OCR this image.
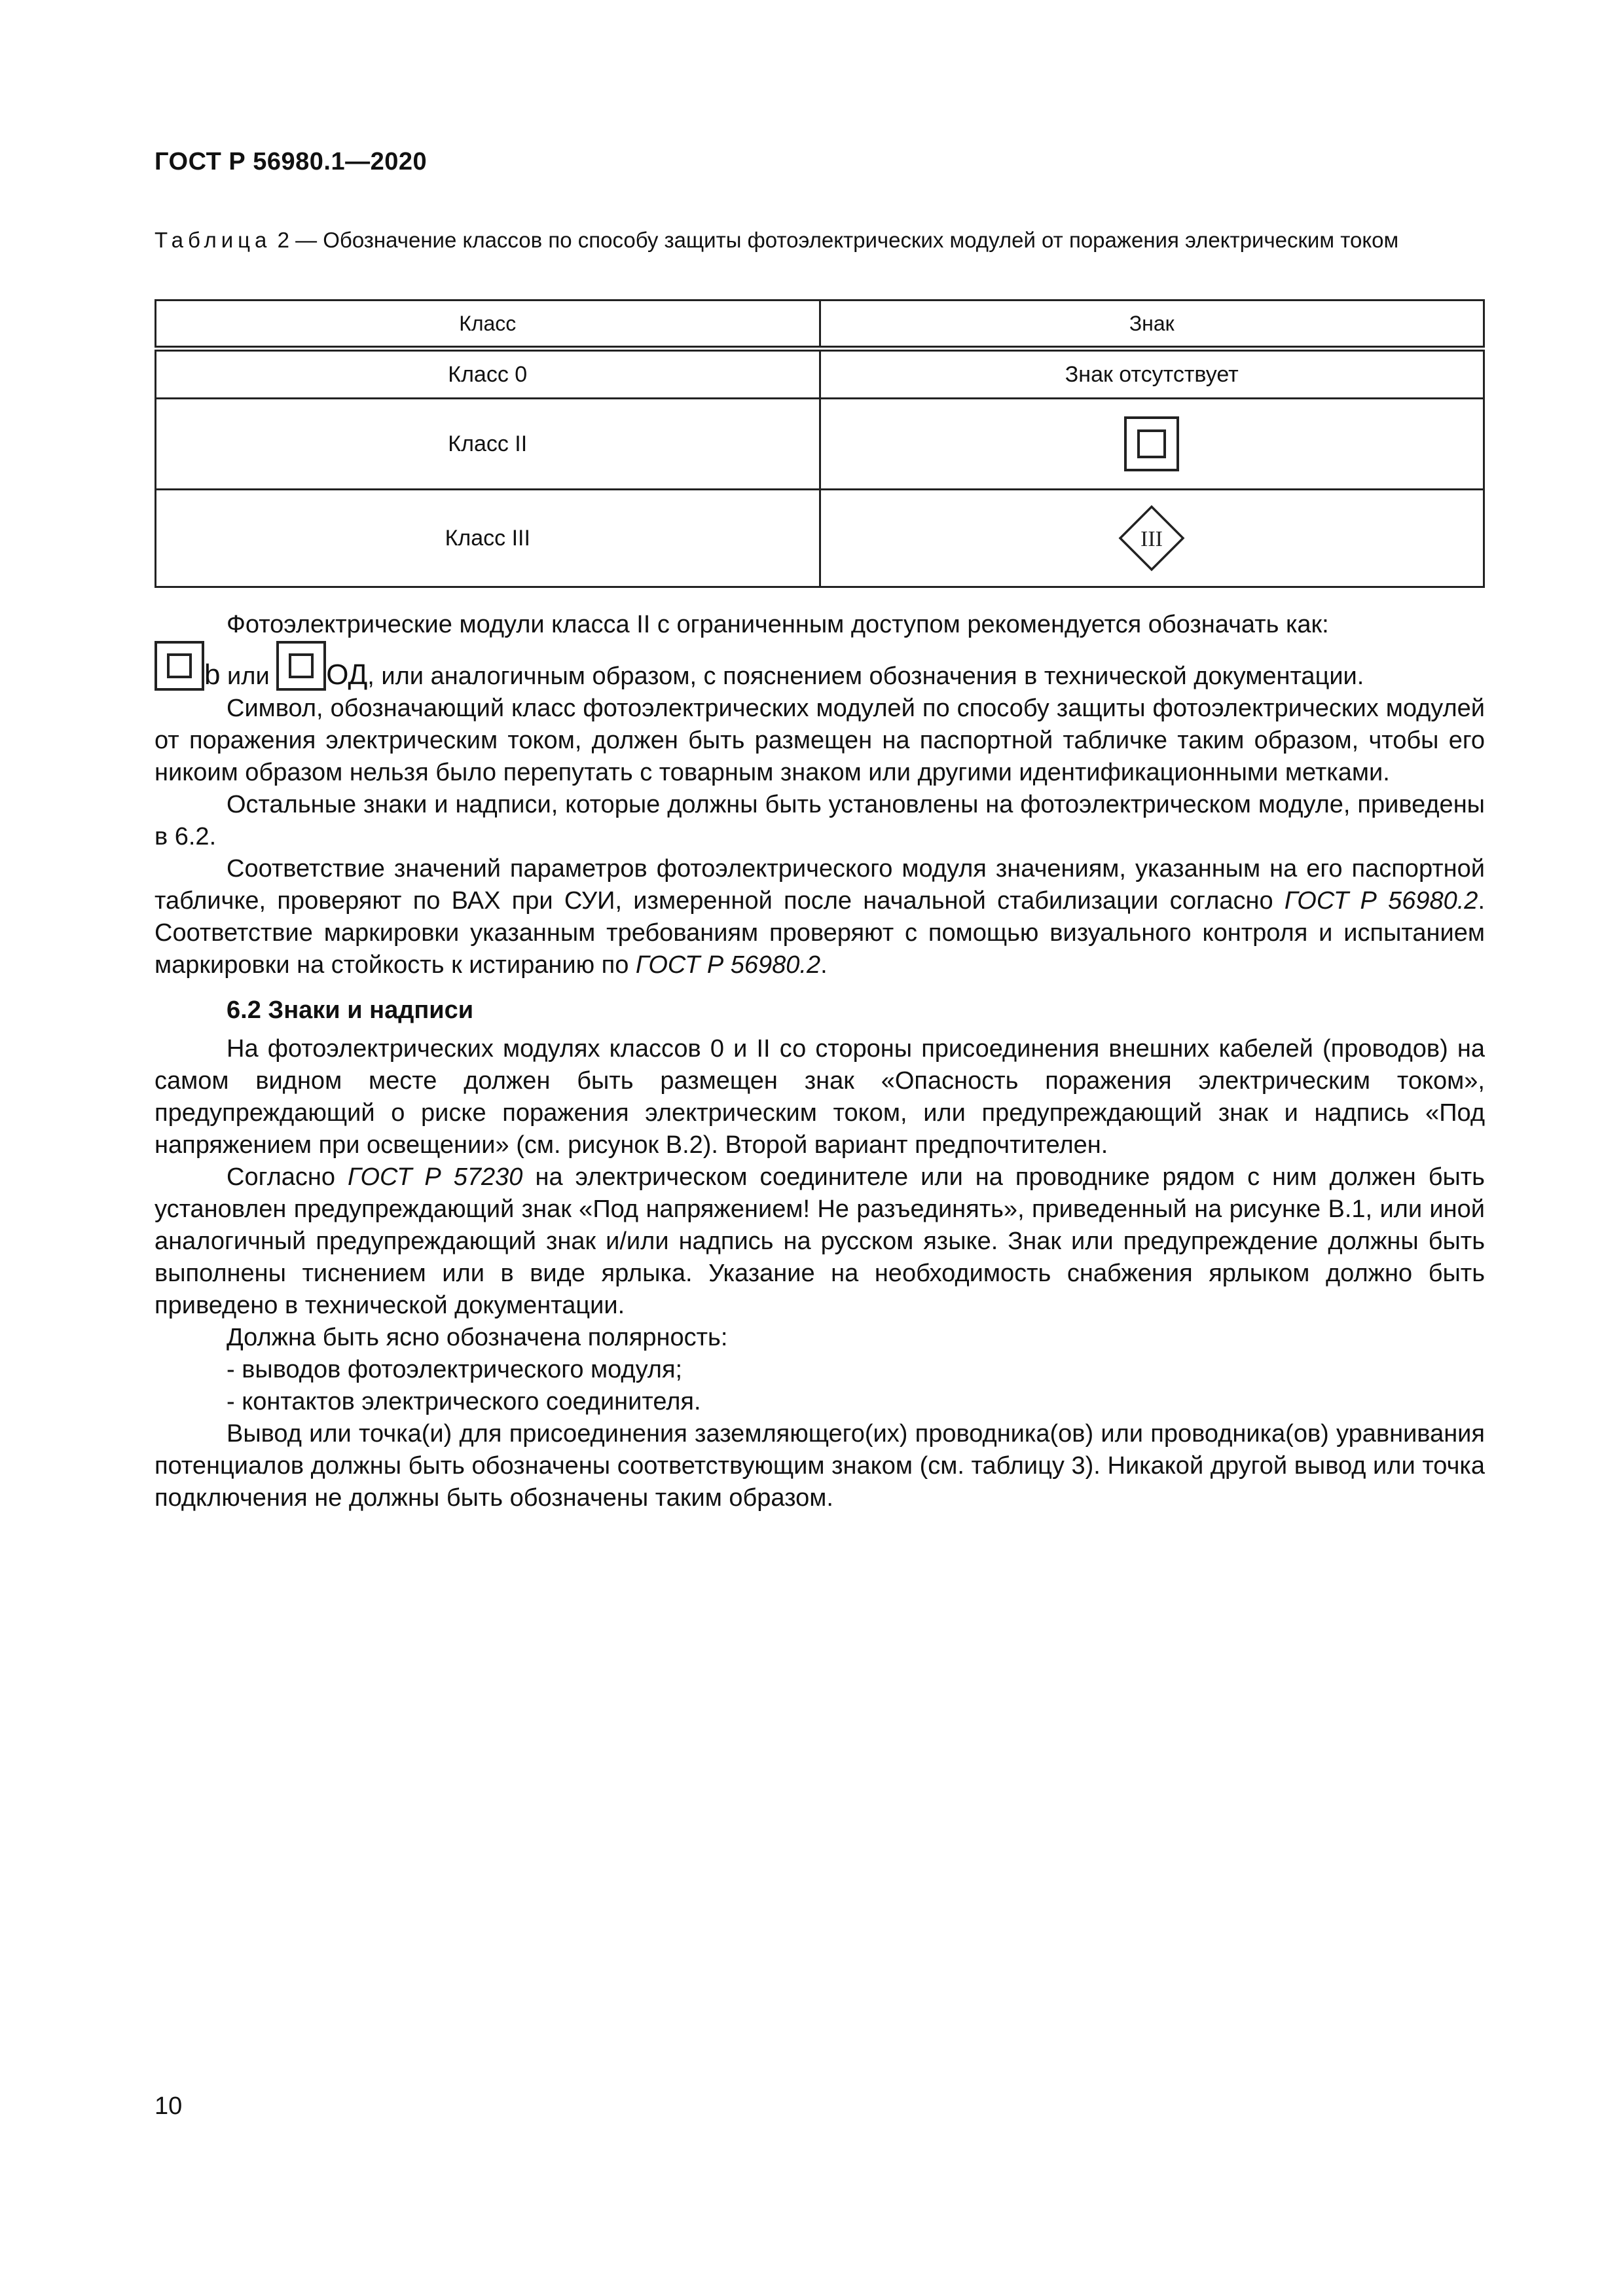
ГОСТ Р 56980.1—2020
Таблица 2 — Обозначение классов по способу защиты фотоэлектрических модулей от поражения электрическим током
Класс	Знак
Класс 0	Знак отсутствует
Класс II	
Класс III	III

Фотоэлектрические модули класса II с ограниченным доступом рекомендуется обозначать как:

b или ОД, или аналогичным образом, с пояснением обозначения в технической документации.

Символ, обозначающий класс фотоэлектрических модулей по способу защиты фотоэлектрических модулей от поражения электрическим током, должен быть размещен на паспортной табличке таким образом, чтобы его никоим образом нельзя было перепутать с товарным знаком или другими идентификационными метками.

Остальные знаки и надписи, которые должны быть установлены на фотоэлектрическом модуле, приведены в 6.2.

Соответствие значений параметров фотоэлектрического модуля значениям, указанным на его паспортной табличке, проверяют по ВАХ при СУИ, измеренной после начальной стабилизации согласно ГОСТ Р 56980.2. Соответствие маркировки указанным требованиям проверяют с помощью визуального контроля и испытанием маркировки на стойкость к истиранию по ГОСТ Р 56980.2.

6.2 Знаки и надписи

На фотоэлектрических модулях классов 0 и II со стороны присоединения внешних кабелей (проводов) на самом видном месте должен быть размещен знак «Опасность поражения электрическим током», предупреждающий о риске поражения электрическим током, или предупреждающий знак и надпись «Под напряжением при освещении» (см. рисунок В.2). Второй вариант предпочтителен.

Согласно ГОСТ Р 57230 на электрическом соединителе или на проводнике рядом с ним должен быть установлен предупреждающий знак «Под напряжением! Не разъединять», приведенный на рисунке В.1, или иной аналогичный предупреждающий знак и/или надпись на русском языке. Знак или предупреждение должны быть выполнены тиснением или в виде ярлыка. Указание на необходимость снабжения ярлыком должно быть приведено в технической документации.

Должна быть ясно обозначена полярность:

- выводов фотоэлектрического модуля;

- контактов электрического соединителя.

Вывод или точка(и) для присоединения заземляющего(их) проводника(ов) или проводника(ов) уравнивания потенциалов должны быть обозначены соответствующим знаком (см. таблицу 3). Никакой другой вывод или точка подключения не должны быть обозначены таким образом.

10
